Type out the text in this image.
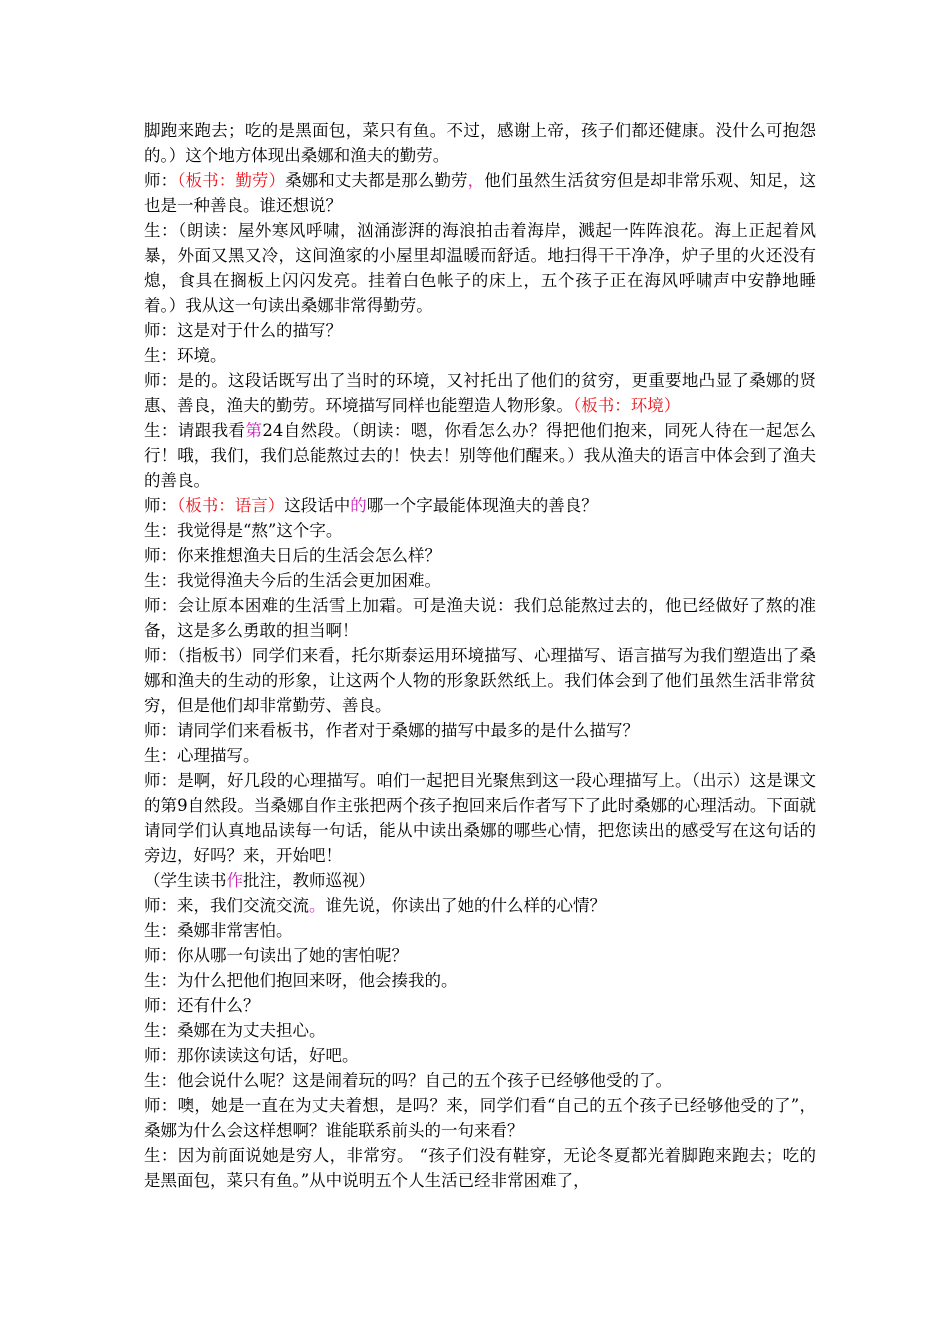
脚跑来跑去；吃的是黑面包，菜只有鱼。不过，感谢上帝，孩子们都还健康。没什么可抱怨的。）这个地方体现出桑娜和渔夫的勤劳。

师：（板书：勤劳）桑娜和丈夫都是那么勤劳，他们虽然生活贫穷但是却非常乐观、知足，这也是一种善良。谁还想说？

生：（朗读：屋外寒风呼啸，汹涌澎湃的海浪拍击着海岸，溅起一阵阵浪花。海上正起着风暴，外面又黑又冷，这间渔家的小屋里却温暖而舒适。地扫得干干净净，炉子里的火还没有熄，食具在搁板上闪闪发亮。挂着白色帐子的床上，五个孩子正在海风呼啸声中安静地睡着。）我从这一句读出桑娜非常得勤劳。

师：这是对于什么的描写？

生：环境。

师：是的。这段话既写出了当时的环境，又衬托出了他们的贫穷，更重要地凸显了桑娜的贤惠、善良，渔夫的勤劳。环境描写同样也能塑造人物形象。（板书：环境）

生：请跟我看第24自然段。（朗读：嗯，你看怎么办？得把他们抱来，同死人待在一起怎么行！哦，我们，我们总能熬过去的！快去！别等他们醒来。）我从渔夫的语言中体会到了渔夫的善良。

师：（板书：语言）这段话中的哪一个字最能体现渔夫的善良？

生：我觉得是“熬”这个字。

师：你来推想渔夫日后的生活会怎么样？

生：我觉得渔夫今后的生活会更加困难。

师：会让原本困难的生活雪上加霜。可是渔夫说：我们总能熬过去的，他已经做好了熬的准备，这是多么勇敢的担当啊！

师：（指板书）同学们来看，托尔斯泰运用环境描写、心理描写、语言描写为我们塑造出了桑娜和渔夫的生动的形象，让这两个人物的形象跃然纸上。我们体会到了他们虽然生活非常贫穷，但是他们却非常勤劳、善良。

师：请同学们来看板书，作者对于桑娜的描写中最多的是什么描写？

生：心理描写。

师：是啊，好几段的心理描写。咱们一起把目光聚焦到这一段心理描写上。（出示）这是课文的第9自然段。当桑娜自作主张把两个孩子抱回来后作者写下了此时桑娜的心理活动。下面就请同学们认真地品读每一句话，能从中读出桑娜的哪些心情，把您读出的感受写在这句话的旁边，好吗？来，开始吧！

（学生读书作批注，教师巡视）

师：来，我们交流交流。谁先说，你读出了她的什么样的心情？

生：桑娜非常害怕。

师：你从哪一句读出了她的害怕呢？

生：为什么把他们抱回来呀，他会揍我的。

师：还有什么？

生：桑娜在为丈夫担心。

师：那你读读这句话，好吧。

生：他会说什么呢？这是闹着玩的吗？自己的五个孩子已经够他受的了。

师：噢，她是一直在为丈夫着想，是吗？来，同学们看“自己的五个孩子已经够他受的了”，桑娜为什么会这样想啊？谁能联系前头的一句来看？

生：因为前面说她是穷人，非常穷。 “孩子们没有鞋穿，无论冬夏都光着脚跑来跑去；吃的是黑面包，菜只有鱼。”从中说明五个人生活已经非常困难了，
